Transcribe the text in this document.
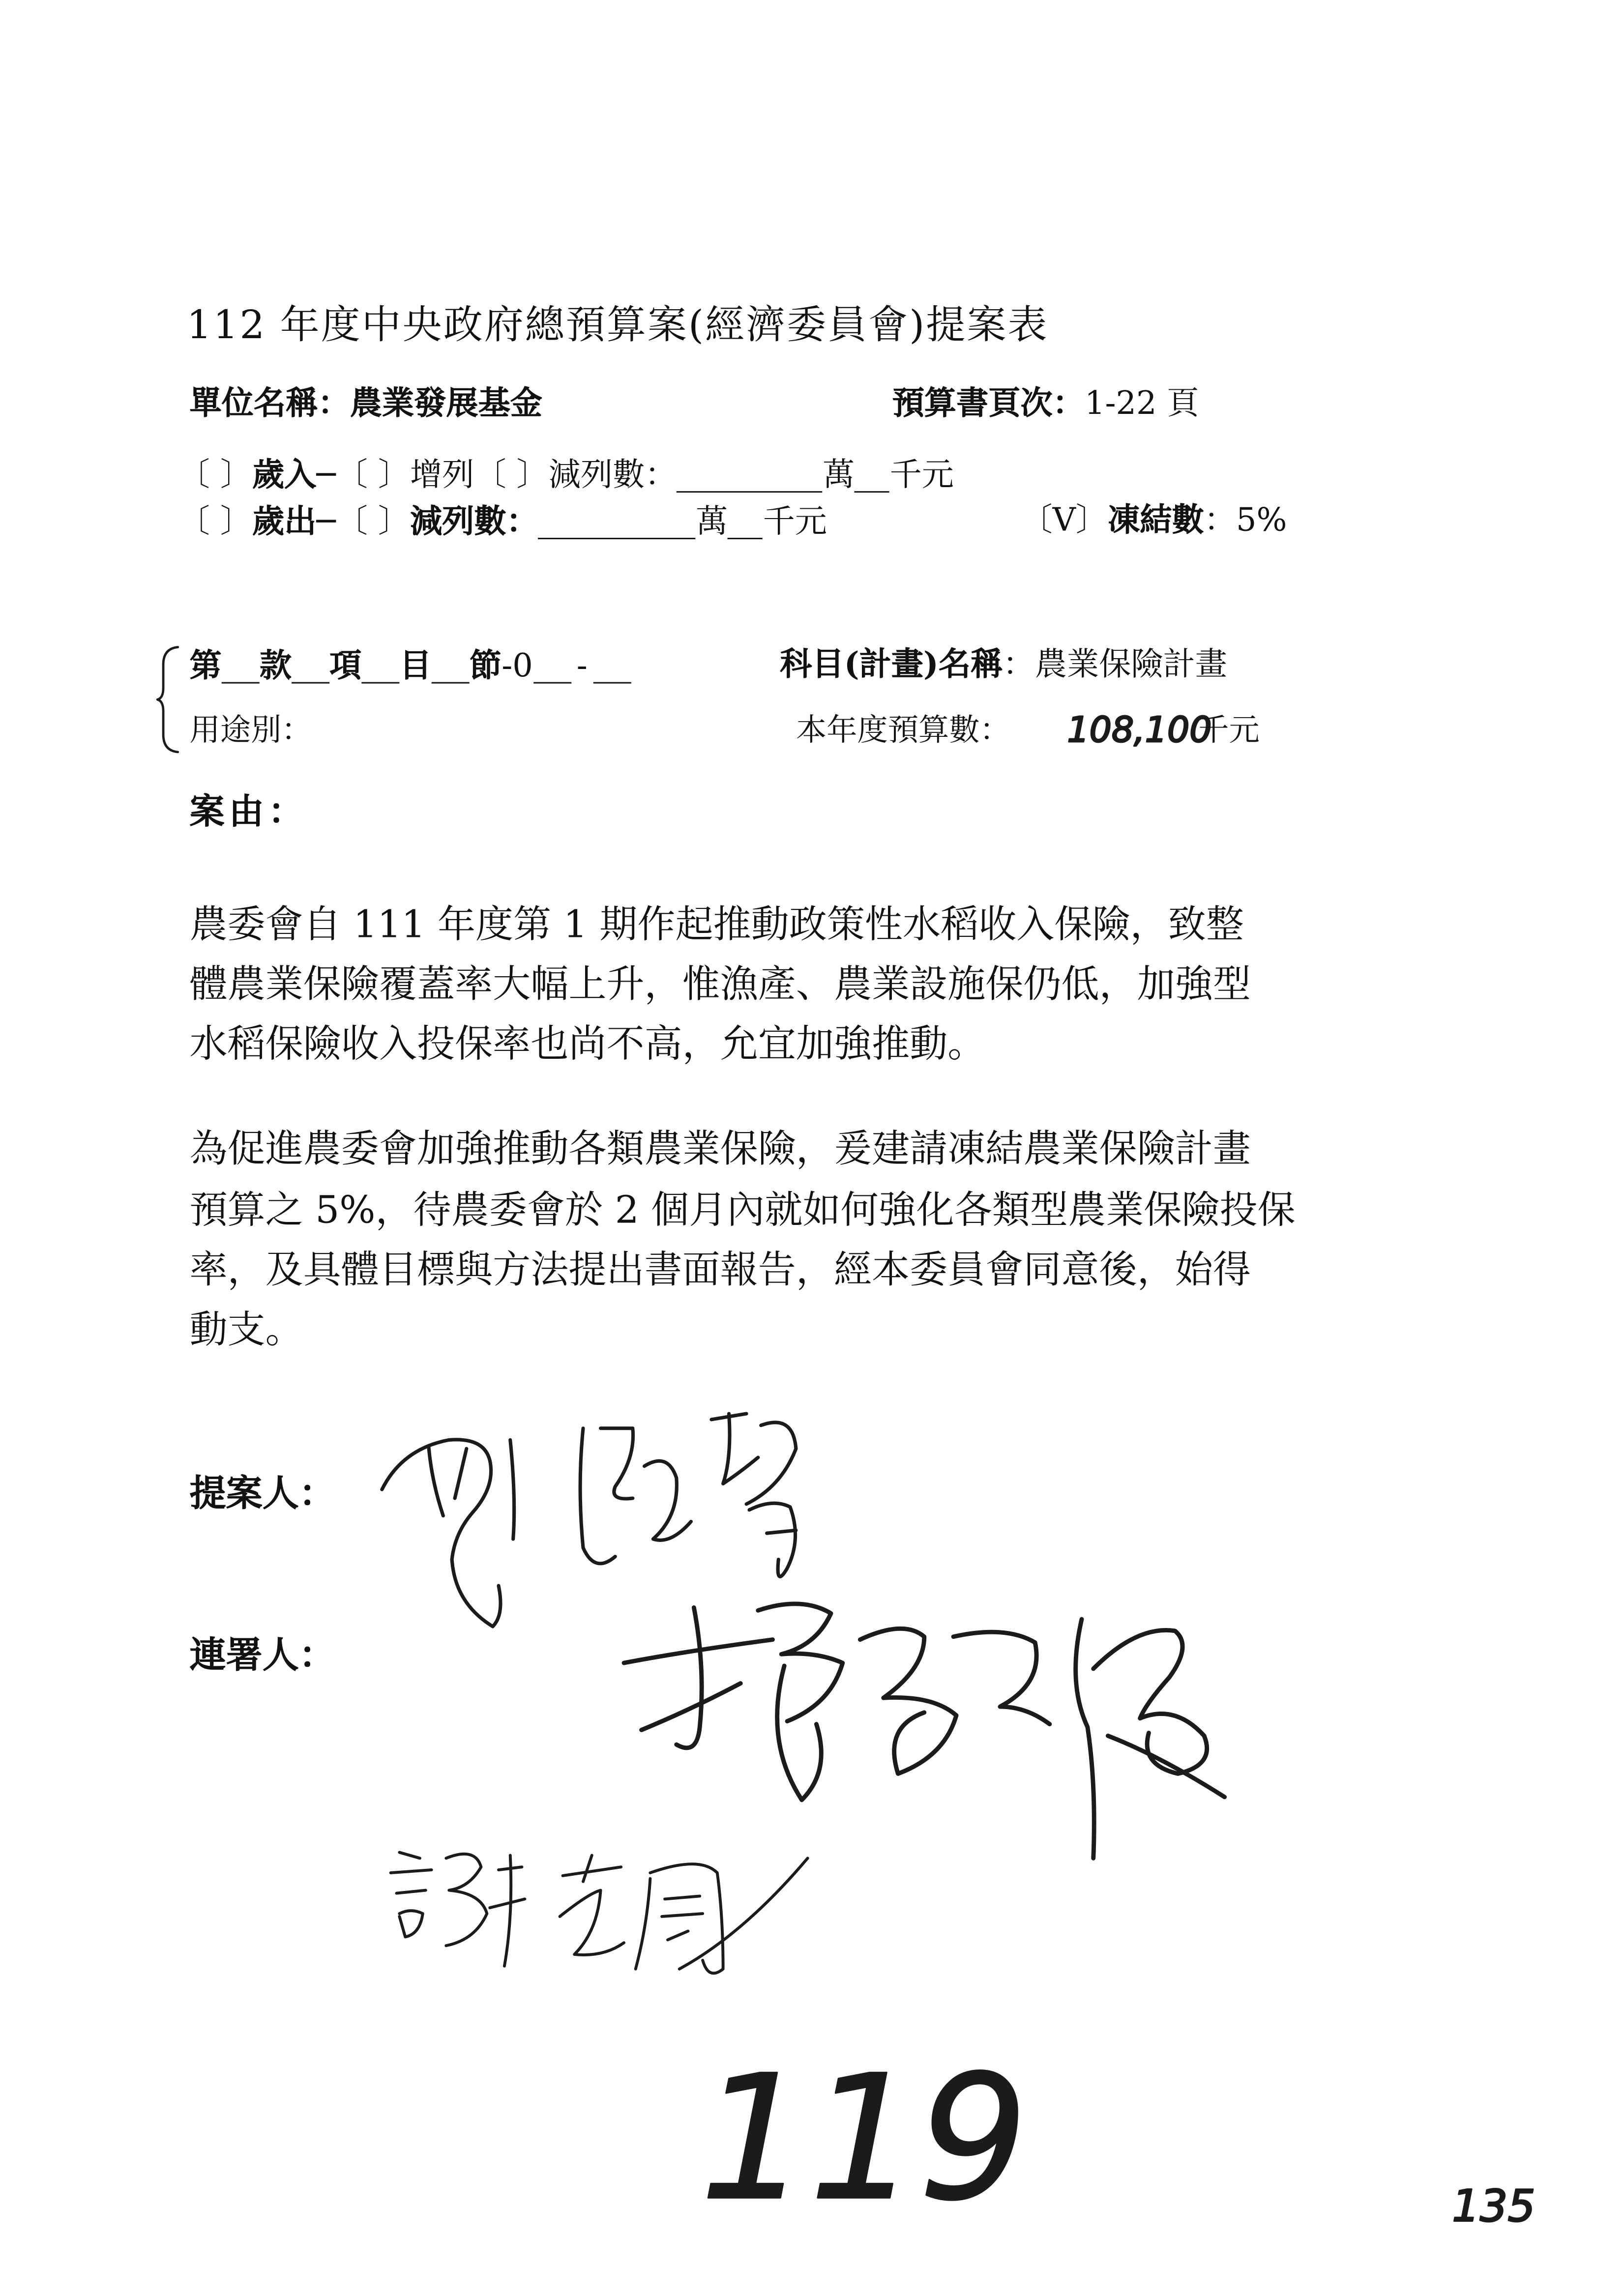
112 年度中央政府總預算案(經濟委員會)提案表
單位名稱：農業發展基金	預算書頁次：1-22 頁
〔 〕歲入─〔 〕增列〔 〕減列數：	萬	千元
〔 〕歲出─〔 〕減列數：	萬	千元	〔V〕凍結數：5%
第	款	項	目	節-0	-	科目(計畫)名稱：農業保險計畫
用途別：	本年度預算數：	108,100
千元
案由：
農委會自 111 年度第 1 期作起推動政策性水稻收入保險，致整
體農業保險覆蓋率大幅上升，惟漁產、農業設施保仍低，加強型
水稻保險收入投保率也尚不高，允宜加強推動。
為促進農委會加強推動各類農業保險，爰建請凍結農業保險計畫
預算之 5%，待農委會於 2 個月內就如何強化各類型農業保險投保
率，及具體目標與方法提出書面報告，經本委員會同意後，始得
動支。
提案人：
連署人：
119	135
